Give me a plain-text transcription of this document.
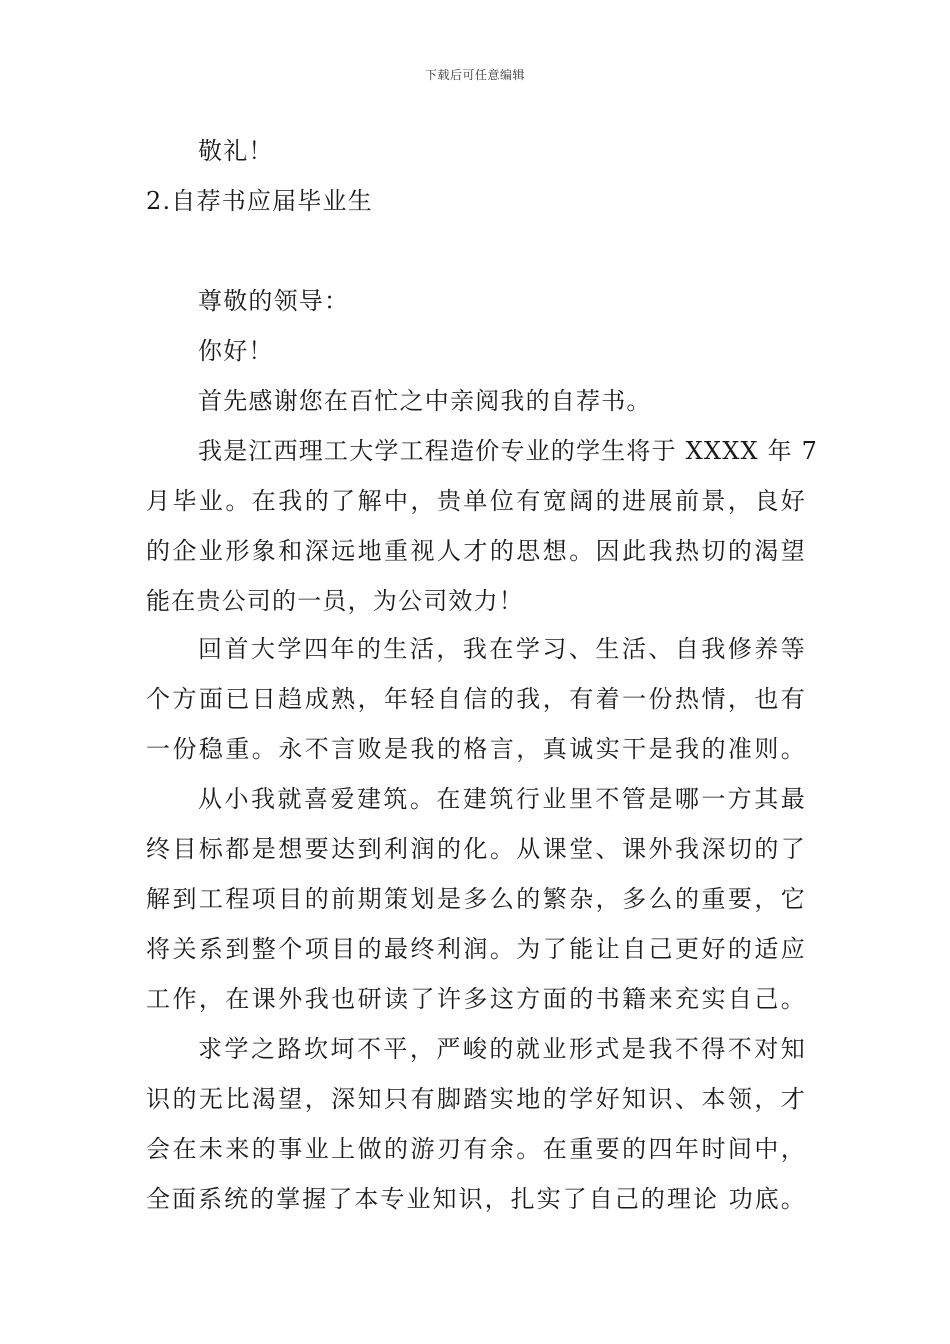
下载后可任意编辑
敬礼！
2.自荐书应届毕业生
尊敬的领导：
你好！
首先感谢您在百忙之中亲阅我的自荐书。
我是江西理工大学工程造价专业的学生将于 XXXX 年 7
月毕业。在我的了解中，贵单位有宽阔的进展前景，良好
的企业形象和深远地重视人才的思想。因此我热切的渴望
能在贵公司的一员，为公司效力！
回首大学四年的生活，我在学习、生活、自我修养等
个方面已日趋成熟，年轻自信的我，有着一份热情，也有
一份稳重。永不言败是我的格言，真诚实干是我的准则。
从小我就喜爱建筑。在建筑行业里不管是哪一方其最
终目标都是想要达到利润的化。从课堂、课外我深切的了
解到工程项目的前期策划是多么的繁杂，多么的重要，它
将关系到整个项目的最终利润。为了能让自己更好的适应
工作，在课外我也研读了许多这方面的书籍来充实自己。
求学之路坎坷不平，严峻的就业形式是我不得不对知
识的无比渴望，深知只有脚踏实地的学好知识、本领，才
会在未来的事业上做的游刃有余。在重要的四年时间中，
全面系统的掌握了本专业知识，扎实了自己的理论 功底。
